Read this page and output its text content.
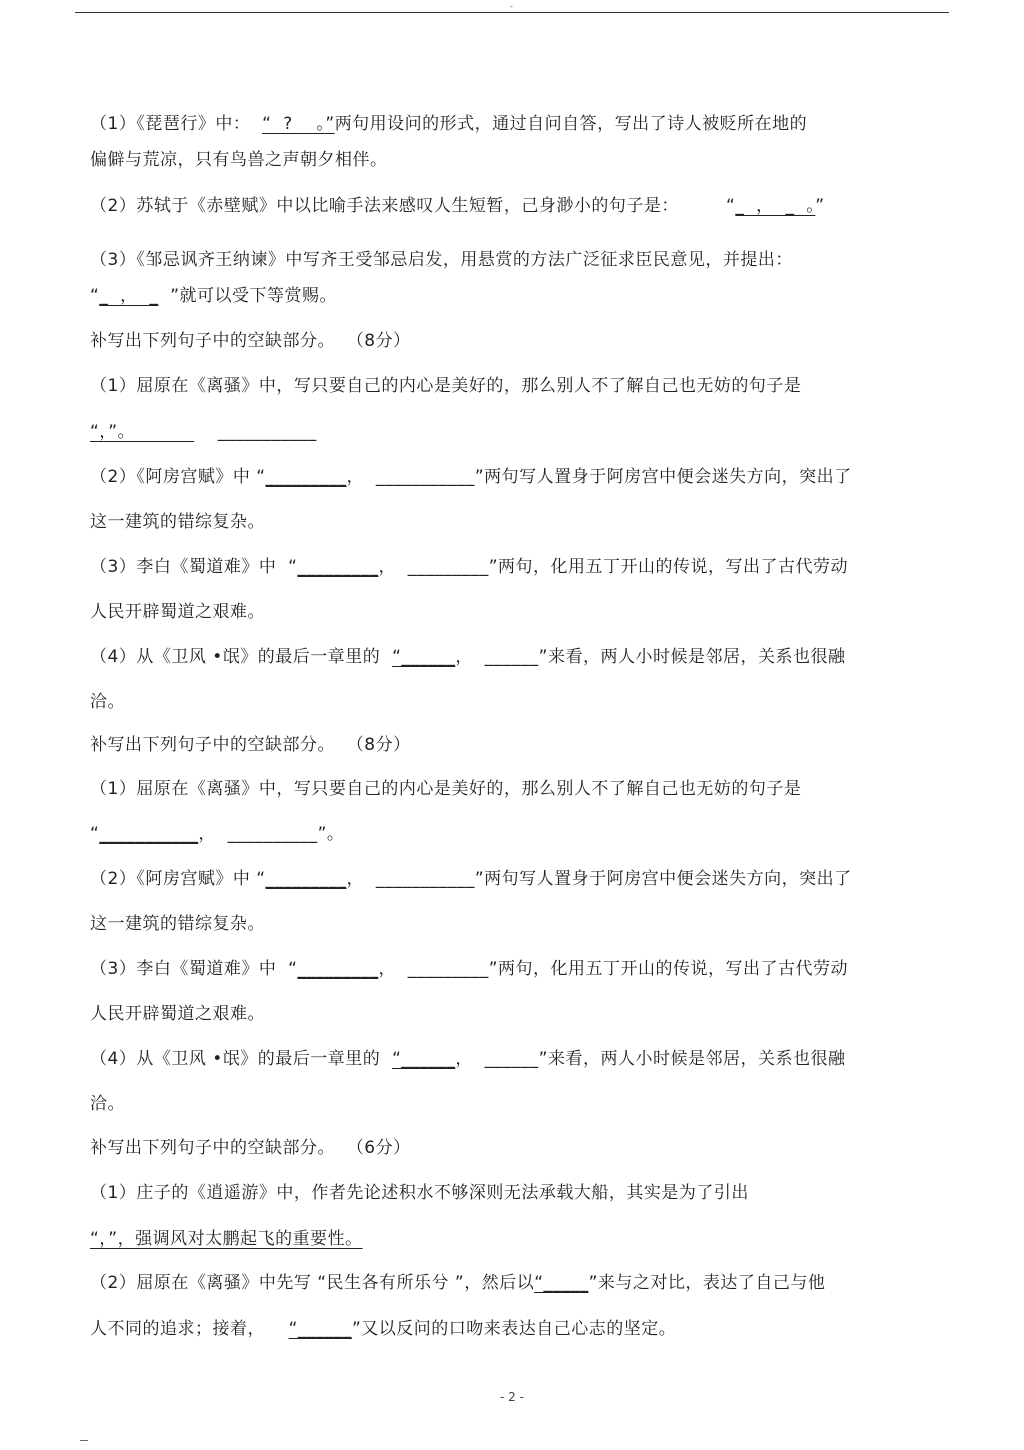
-
（1）《琵琶行》中：  “  ?    。”两句用设问的形式，通过自问自答，写出了诗人被贬所在地的
偏僻与荒凉，只有鸟兽之声朝夕相伴。
（2）苏轼于《赤壁赋》中以比喻手法来感叹人生短暂，己身渺小的句子是：        “_  ，  _  。”
（3）《邹忌讽齐王纳谏》中写齐王受邹忌启发，用悬赏的方法广泛征求臣民意见，并提出：
“_  ，  _  ”就可以受下等赏赐。
补写出下列句子中的空缺部分。  （8分）
（1）屈原在《离骚》中，写只要自己的内心是美好的，那么别人不了解自己也无妨的句子是
“，”。              ___________
（2）《阿房宫赋》中 “_________，  ___________”两句写人置身于阿房宫中便会迷失方向，突出了
这一建筑的错综复杂。
（3）李白《蜀道难》中  “_________，  _________”两句，化用五丁开山的传说，写出了古代劳动
人民开辟蜀道之艰难。
（4）从《卫风 •氓》的最后一章里的  “______，  ______”来看，两人小时候是邻居，关系也很融
洽。
补写出下列句子中的空缺部分。  （8分）
（1）屈原在《离骚》中，写只要自己的内心是美好的，那么别人不了解自己也无妨的句子是
“___________，  __________”。
（2）《阿房宫赋》中 “_________，  ___________”两句写人置身于阿房宫中便会迷失方向，突出了
这一建筑的错综复杂。
（3）李白《蜀道难》中  “_________，  _________”两句，化用五丁开山的传说，写出了古代劳动
人民开辟蜀道之艰难。
（4）从《卫风 •氓》的最后一章里的  “______，  ______”来看，两人小时候是邻居，关系也很融
洽。
补写出下列句子中的空缺部分。  （6分）
（1）庄子的《逍遥游》中，作者先论述积水不够深则无法承载大船，其实是为了引出
“，”，强调风对太鹏起飞的重要性。
（2）屈原在《离骚》中先写 “民生各有所乐兮 ”，然后以“_____”来与之对比，表达了自己与他
人不同的追求；接着，    “______”又以反问的口吻来表达自己心志的坚定。
- 2 -
